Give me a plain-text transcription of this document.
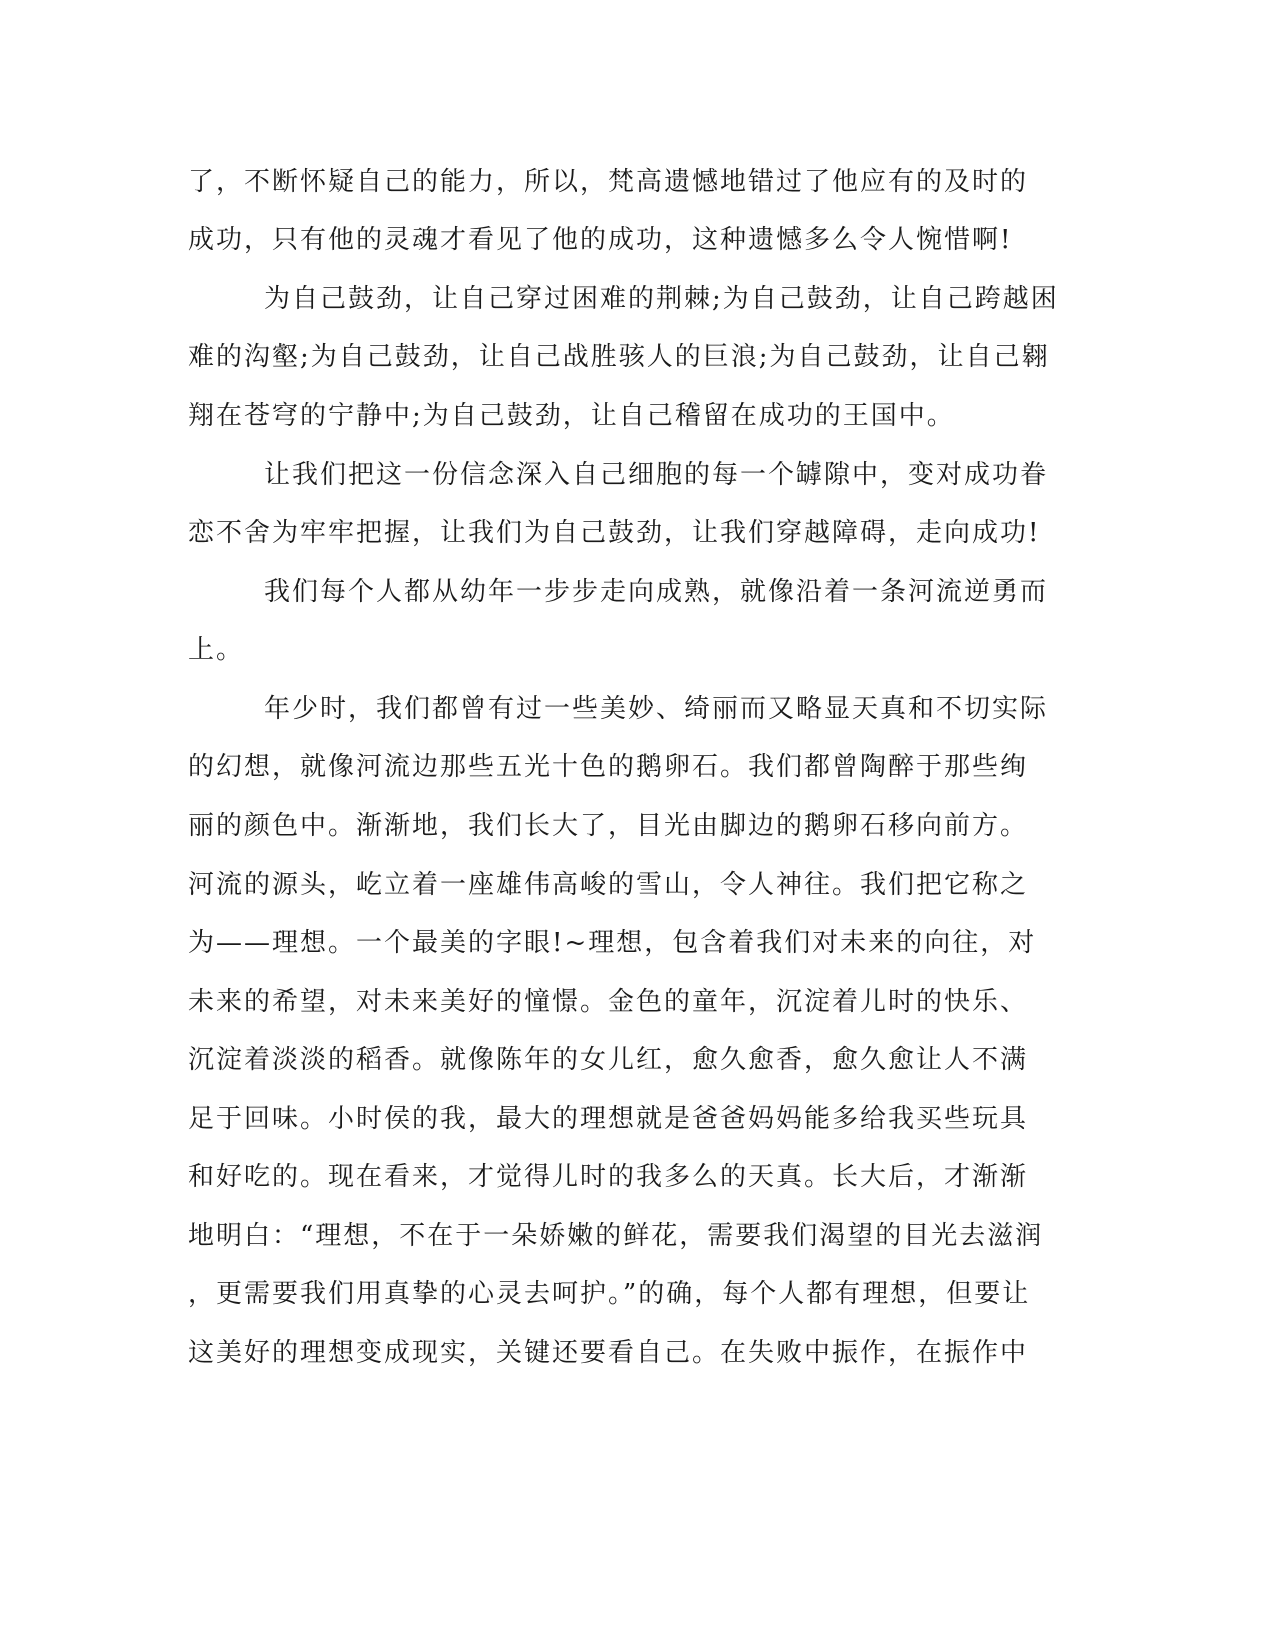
了，不断怀疑自己的能力，所以，梵高遗憾地错过了他应有的及时的
成功，只有他的灵魂才看见了他的成功，这种遗憾多么令人惋惜啊!
为自己鼓劲，让自己穿过困难的荆棘;为自己鼓劲，让自己跨越困
难的沟壑;为自己鼓劲，让自己战胜骇人的巨浪;为自己鼓劲，让自己翱
翔在苍穹的宁静中;为自己鼓劲，让自己稽留在成功的王国中。
让我们把这一份信念深入自己细胞的每一个罅隙中，变对成功眷
恋不舍为牢牢把握，让我们为自己鼓劲，让我们穿越障碍，走向成功!
我们每个人都从幼年一步步走向成熟，就像沿着一条河流逆勇而
上。
年少时，我们都曾有过一些美妙、绮丽而又略显天真和不切实际
的幻想，就像河流边那些五光十色的鹅卵石。我们都曾陶醉于那些绚
丽的颜色中。渐渐地，我们长大了，目光由脚边的鹅卵石移向前方。
河流的源头，屹立着一座雄伟高峻的雪山，令人神往。我们把它称之
为——理想。一个最美的字眼!~理想，包含着我们对未来的向往，对
未来的希望，对未来美好的憧憬。金色的童年，沉淀着儿时的快乐、
沉淀着淡淡的稻香。就像陈年的女儿红，愈久愈香，愈久愈让人不满
足于回味。小时侯的我，最大的理想就是爸爸妈妈能多给我买些玩具
和好吃的。现在看来，才觉得儿时的我多么的天真。长大后，才渐渐
地明白：“理想，不在于一朵娇嫩的鲜花，需要我们渴望的目光去滋润
，更需要我们用真挚的心灵去呵护。”的确，每个人都有理想，但要让
这美好的理想变成现实，关键还要看自己。在失败中振作，在振作中
